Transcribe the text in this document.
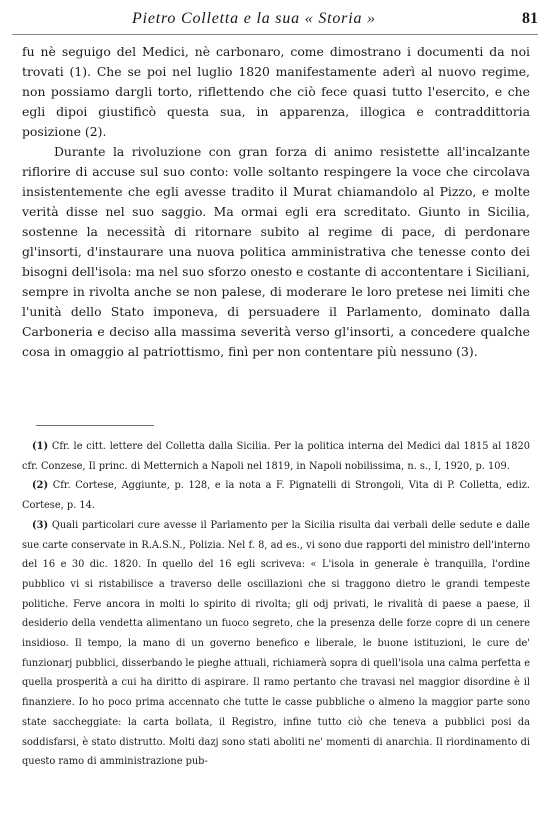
Pietro Colletta e la sua « Storia »	81

fu nè seguigo del Medici, nè carbonaro, come dimostrano i documenti da noi trovati (1). Che se poi nel luglio 1820 manifestamente aderì al nuovo regime, non possiamo dargli torto, riflettendo che ciò fece quasi tutto l'esercito, e che egli dipoi giustificò questa sua, in apparenza, illogica e contraddittoria posizione (2).

Durante la rivoluzione con gran forza di animo resistette all'incalzante riflorire di accuse sul suo conto: volle soltanto respingere la voce che circolava insistentemente che egli avesse tradito il Murat chiamandolo al Pizzo, e molte verità disse nel suo saggio. Ma ormai egli era screditato. Giunto in Sicilia, sostenne la necessità di ritornare subito al regime di pace, di perdonare gl'insorti, d'instaurare una nuova politica amministrativa che tenesse conto dei bisogni dell'isola: ma nel suo sforzo onesto e costante di accontentare i Siciliani, sempre in rivolta anche se non palese, di moderare le loro pretese nei limiti che l'unità dello Stato imponeva, di persuadere il Parlamento, dominato dalla Carboneria e deciso alla massima severità verso gl'insorti, a concedere qualche cosa in omaggio al patriottismo, finì per non contentare più nessuno (3).

(1) Cfr. le citt. lettere del Colletta dalla Sicilia. Per la politica interna del Medici dal 1815 al 1820 cfr. Conzese, Il princ. di Metternich a Napoli nel 1819, in Napoli nobilissima, n. s., I, 1920, p. 109.

(2) Cfr. Cortese, Aggiunte, p. 128, e la nota a F. Pignatelli di Strongoli, Vita di P. Colletta, ediz. Cortese, p. 14.

(3) Quali particolari cure avesse il Parlamento per la Sicilia risulta dai verbali delle sedute e dalle sue carte conservate in R.A.S.N., Polizia. Nel f. 8, ad es., vi sono due rapporti del ministro dell'interno del 16 e 30 dic. 1820. In quello del 16 egli scriveva: « L'isola in generale è tranquilla, l'ordine pubblico vi si ristabilisce a traverso delle oscillazioni che si traggono dietro le grandi tempeste politiche. Ferve ancora in molti lo spirito di rivolta; gli odj privati, le rivalità di paese a paese, il desiderio della vendetta alimentano un fuoco segreto, che la presenza delle forze copre di un cenere insidioso. Il tempo, la mano di un governo benefico e liberale, le buone istituzioni, le cure de' funzionarj pubblici, disserbando le pieghe attuali, richiamerà sopra di quell'isola una calma perfetta e quella prosperità a cui ha diritto di aspirare. Il ramo pertanto che travasi nel maggior disordine è il finanziere. Io ho poco prima accennato che tutte le casse pubbliche o almeno la maggior parte sono state saccheggiate: la carta bollata, il Registro, infine tutto ciò che teneva a pubblici posi da soddisfarsi, è stato distrutto. Molti dazj sono stati aboliti ne' momenti di anarchia. Il riordinamento di questo ramo di amministrazione pub-
